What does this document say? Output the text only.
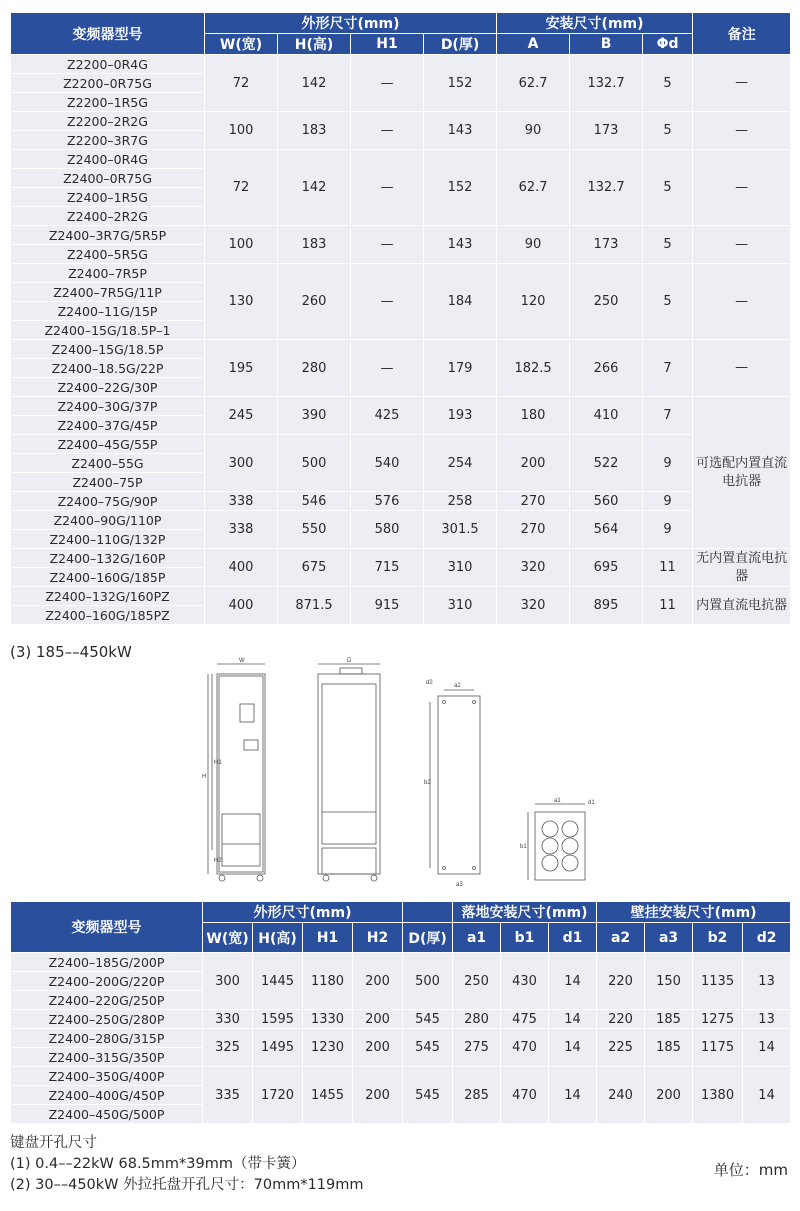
变频器型号	外形尺寸(mm)				安装尺寸(mm)			备注
	W(宽)	H(高)	H1	D(厚)	A	B	Φd	
Z2200–0R4G	72	142	—	152	62.7	132.7	5	—
Z2200–0R75G								
Z2200–1R5G								
Z2200–2R2G	100	183	—	143	90	173	5	—
Z2200–3R7G								
Z2400–0R4G	72	142	—	152	62.7	132.7	5	—
Z2400–0R75G								
Z2400–1R5G								
Z2400–2R2G								
Z2400–3R7G/5R5P	100	183	—	143	90	173	5	—
Z2400–5R5G								
Z2400–7R5P	130	260	—	184	120	250	5	—
Z2400–7R5G/11P								
Z2400–11G/15P								
Z2400–15G/18.5P–1								
Z2400–15G/18.5P	195	280	—	179	182.5	266	7	—
Z2400–18.5G/22P								
Z2400–22G/30P								
Z2400–30G/37P	245	390	425	193	180	410	7	可选配内置直流电抗器
Z2400–37G/45P								
Z2400–45G/55P	300	500	540	254	200	522	9	
Z2400–55G								
Z2400–75P								
Z2400–75G/90P	338	546	576	258	270	560	9	
Z2400–90G/110P	338	550	580	301.5	270	564	9	
Z2400–110G/132P								
Z2400–132G/160P	400	675	715	310	320	695	11	无内置直流电抗器
Z2400–160G/185P								
Z2400–132G/160PZ	400	871.5	915	310	320	895	11	内置直流电抗器
Z2400–160G/185PZ								
(3) 185––450kW	W	D
H
H1
H2
a2
b2
d2
a3
a1
b1
d1
变频器型号	外形尺寸(mm)					落地安装尺寸(mm)			壁挂安装尺寸(mm)			
	W(宽)	H(高)	H1	H2	D(厚)	a1	b1	d1	a2	a3	b2	d2
Z2400–185G/200P	300	1445	1180	200	500	250	430	14	220	150	1135	13
Z2400–200G/220P												
Z2400–220G/250P												
Z2400–250G/280P	330	1595	1330	200	545	280	475	14	220	185	1275	13
Z2400–280G/315P	325	1495	1230	200	545	275	470	14	225	185	1175	14
Z2400–315G/350P												
Z2400–350G/400P	335	1720	1455	200	545	285	470	14	240	200	1380	14
Z2400–400G/450P												
Z2400–450G/500P												
键盘开孔尺寸
(1) 0.4––22kW 68.5mm*39mm（带卡簧）
(2) 30––450kW 外拉托盘开孔尺寸：70mm*119mm
单位：mm
